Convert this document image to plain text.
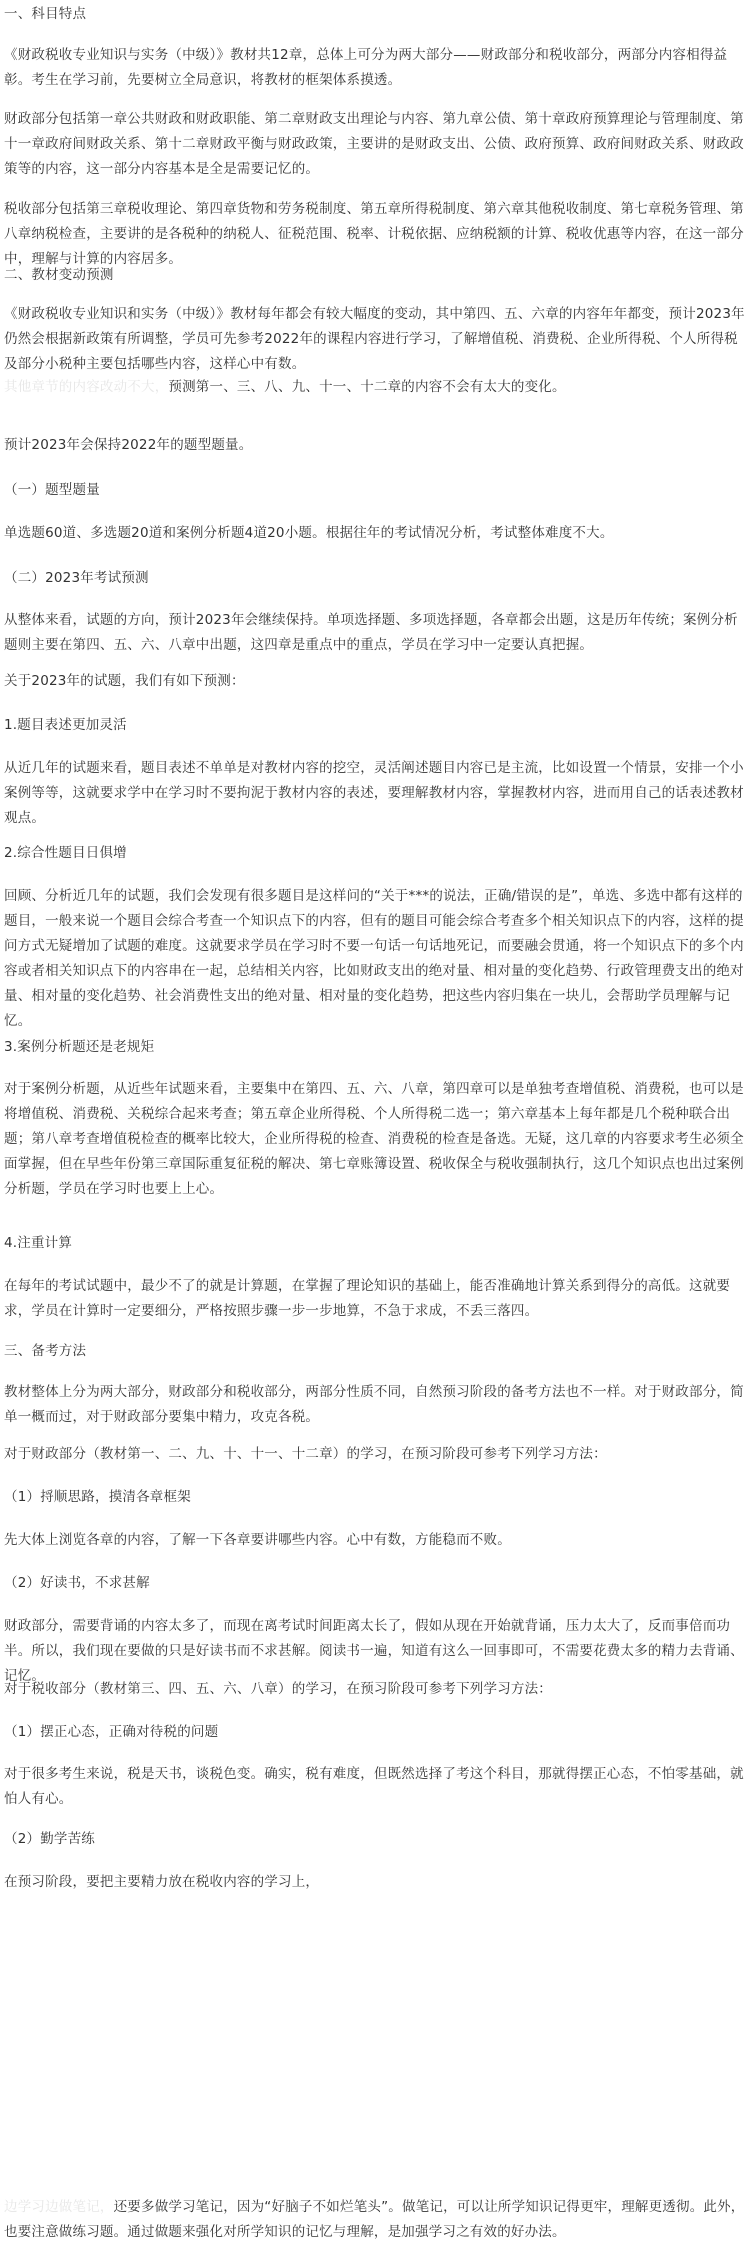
一、科目特点

《财政税收专业知识与实务（中级）》教材共12章，总体上可分为两大部分——财政部分和税收部分，两部分内容相得益彰。考生在学习前，先要树立全局意识，将教材的框架体系摸透。

财政部分包括第一章公共财政和财政职能、第二章财政支出理论与内容、第九章公债、第十章政府预算理论与管理制度、第十一章政府间财政关系、第十二章财政平衡与财政政策，主要讲的是财政支出、公债、政府预算、政府间财政关系、财政政策等的内容，这一部分内容基本是全是需要记忆的。

税收部分包括第三章税收理论、第四章货物和劳务税制度、第五章所得税制度、第六章其他税收制度、第七章税务管理、第八章纳税检查，主要讲的是各税种的纳税人、征税范围、税率、计税依据、应纳税额的计算、税收优惠等内容，在这一部分中，理解与计算的内容居多。

二、教材变动预测

《财政税收专业知识和实务（中级）》教材每年都会有较大幅度的变动，其中第四、五、六章的内容年年都变，预计2023年仍然会根据新政策有所调整，学员可先参考2022年的课程内容进行学习，了解增值税、消费税、企业所得税、个人所得税及部分小税种主要包括哪些内容，这样心中有数。

其他章节的内容改动不大，预测第一、三、八、九、十一、十二章的内容不会有太大的变化。

预计2023年会保持2022年的题型题量。

（一）题型题量

单选题60道、多选题20道和案例分析题4道20小题。根据往年的考试情况分析，考试整体难度不大。

（二）2023年考试预测

从整体来看，试题的方向，预计2023年会继续保持。单项选择题、多项选择题，各章都会出题，这是历年传统；案例分析题则主要在第四、五、六、八章中出题，这四章是重点中的重点，学员在学习中一定要认真把握。

关于2023年的试题，我们有如下预测：

1.题目表述更加灵活

从近几年的试题来看，题目表述不单单是对教材内容的挖空，灵活阐述题目内容已是主流，比如设置一个情景，安排一个小案例等等，这就要求学中在学习时不要拘泥于教材内容的表述，要理解教材内容，掌握教材内容，进而用自己的话表述教材观点。

2.综合性题目日俱增

回顾、分析近几年的试题，我们会发现有很多题目是这样问的“关于***的说法，正确/错误的是”，单选、多选中都有这样的题目，一般来说一个题目会综合考查一个知识点下的内容，但有的题目可能会综合考查多个相关知识点下的内容，这样的提问方式无疑增加了试题的难度。这就要求学员在学习时不要一句话一句话地死记，而要融会贯通，将一个知识点下的多个内容或者相关知识点下的内容串在一起，总结相关内容，比如财政支出的绝对量、相对量的变化趋势、行政管理费支出的绝对量、相对量的变化趋势、社会消费性支出的绝对量、相对量的变化趋势，把这些内容归集在一块儿，会帮助学员理解与记忆。

3.案例分析题还是老规矩

对于案例分析题，从近些年试题来看，主要集中在第四、五、六、八章，第四章可以是单独考查增值税、消费税，也可以是将增值税、消费税、关税综合起来考查；第五章企业所得税、个人所得税二选一；第六章基本上每年都是几个税种联合出题；第八章考查增值税检查的概率比较大，企业所得税的检查、消费税的检查是备选。无疑，这几章的内容要求考生必须全面掌握，但在早些年份第三章国际重复征税的解决、第七章账簿设置、税收保全与税收强制执行，这几个知识点也出过案例分析题，学员在学习时也要上上心。

4.注重计算

在每年的考试试题中，最少不了的就是计算题，在掌握了理论知识的基础上，能否准确地计算关系到得分的高低。这就要求，学员在计算时一定要细分，严格按照步骤一步一步地算，不急于求成，不丢三落四。

三、备考方法

教材整体上分为两大部分，财政部分和税收部分，两部分性质不同，自然预习阶段的备考方法也不一样。对于财政部分，简单一概而过，对于财政部分要集中精力，攻克各税。

对于财政部分（教材第一、二、九、十、十一、十二章）的学习，在预习阶段可参考下列学习方法：

（1）捋顺思路，摸清各章框架

先大体上浏览各章的内容，了解一下各章要讲哪些内容。心中有数，方能稳而不败。

（2）好读书，不求甚解

财政部分，需要背诵的内容太多了，而现在离考试时间距离太长了，假如从现在开始就背诵，压力太大了，反而事倍而功半。所以，我们现在要做的只是好读书而不求甚解。阅读书一遍，知道有这么一回事即可，不需要花费太多的精力去背诵、记忆。

对于税收部分（教材第三、四、五、六、八章）的学习，在预习阶段可参考下列学习方法：

（1）摆正心态，正确对待税的问题

对于很多考生来说，税是天书，谈税色变。确实，税有难度，但既然选择了考这个科目，那就得摆正心态，不怕零基础，就怕人有心。

（2）勤学苦练

在预习阶段，要把主要精力放在税收内容的学习上，

边学习边做笔记，还要多做学习笔记，因为“好脑子不如烂笔头”。做笔记，可以让所学知识记得更牢，理解更透彻。此外，也要注意做练习题。通过做题来强化对所学知识的记忆与理解，是加强学习之有效的好办法。
